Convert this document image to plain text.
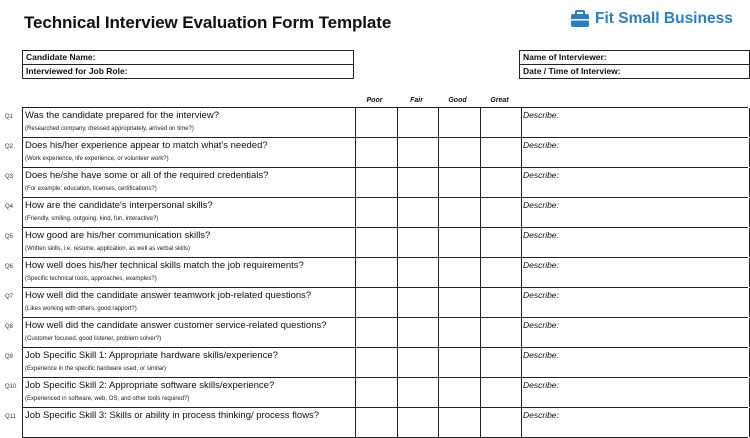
Technical Interview Evaluation Form Template	Fit Small Business
Candidate Name:
Interviewed for Job Role:
Name of Interviewer:
Date / Time of Interview:
Poor	Fair	Good	Great
Q1	Was the candidate prepared for the interview?
(Researched company, dressed appropriately, arrived on time?)
Describe:
Q2	Does his/her experience appear to match what's needed?
(Work experience, life experience, or volunteer work?)
Describe:
Q3	Does he/she have some or all of the required credentials?
(For example: education, licenses, certifications?)
Describe:
Q4	How are the candidate's interpersonal skills?
(Friendly, smiling, outgoing, kind, fun, interactive?)
Describe:
Q5	How good are his/her communication skills?
(Written skills, i.e. resume, application, as well as verbal skills)
Describe:
Q6	How well does his/her technical skills match the job requirements?
(Specific technical tools, approaches, examples?)
Describe:
Q7	How well did the candidate answer teamwork job-related questions?
(Likes working with others, good rapport?)
Describe:
Q8	How well did the candidate answer customer service-related questions?
(Customer focused, good listener, problem solver?)
Describe:
Q9	Job Specific Skill 1: Appropriate hardware skills/experience?
(Experience in the specific hardware used, or similar)
Describe:
Q10 Job Specific Skill 2: Appropriate software skills/experience?
(Experienced in software, web, OS, and other tools required?)
Describe:
Q11 Job Specific Skill 3: Skills or ability in process thinking/ process flows?	Describe:
